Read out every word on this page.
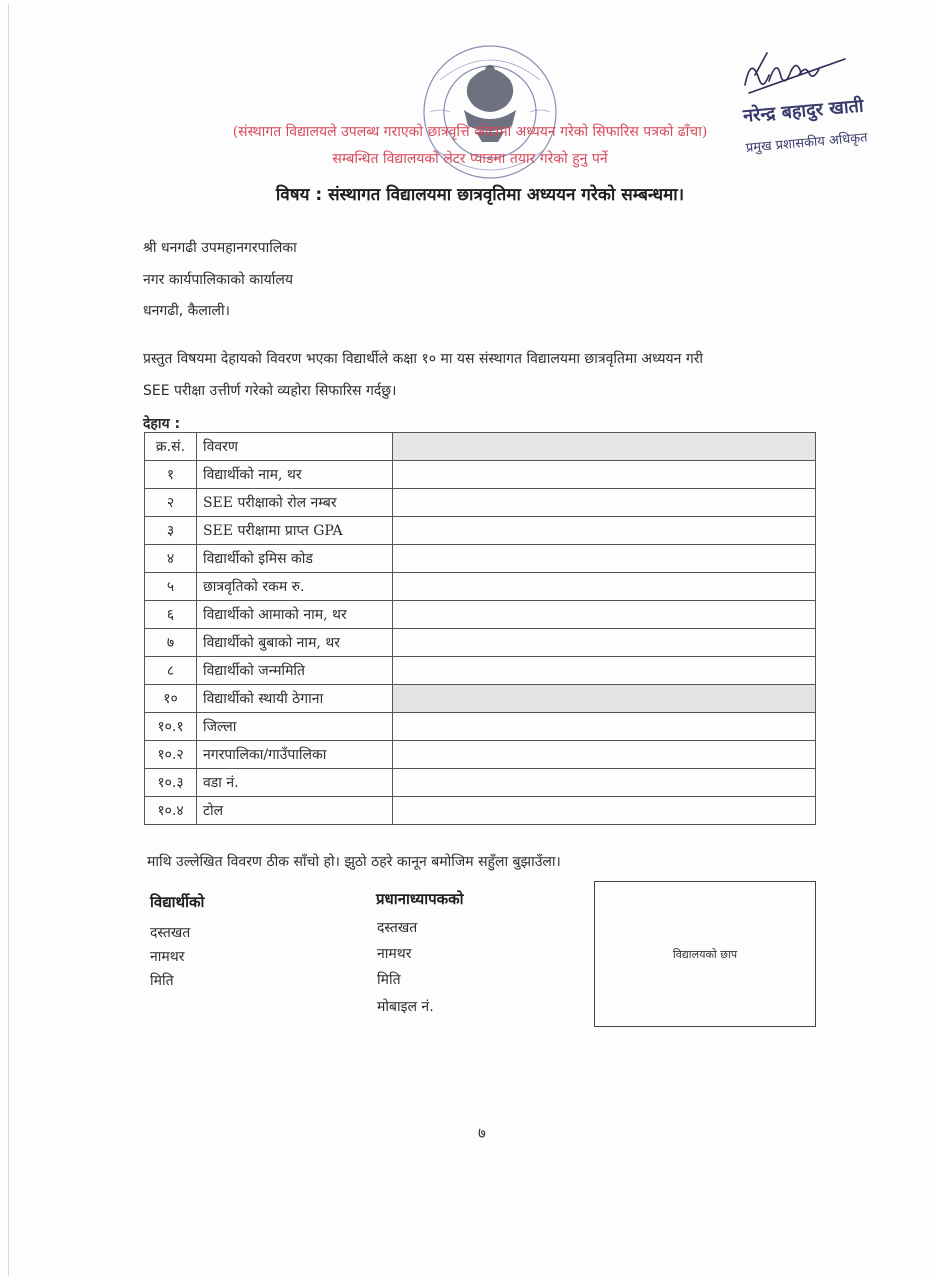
(संस्थागत विद्यालयले उपलब्ध गराएको छात्रवृत्ति कोटामा अध्ययन गरेको सिफारिस पत्रको ढाँचा)
सम्बन्धित विद्यालयको लेटर प्याडमा तयार गरेको हुनु पर्ने
नरेन्द्र बहादुर खाती
प्रमुख प्रशासकीय अधिकृत
विषय : संस्थागत विद्यालयमा छात्रवृतिमा अध्ययन गरेको सम्बन्धमा।
श्री धनगढी उपमहानगरपालिका
नगर कार्यपालिकाको कार्यालय
धनगढी, कैलाली।
प्रस्तुत विषयमा देहायको विवरण भएका विद्यार्थीले कक्षा १० मा यस संस्थागत विद्यालयमा छात्रवृतिमा अध्ययन गरी
SEE परीक्षा उत्तीर्ण गरेको व्यहोरा सिफारिस गर्दछु।
देहाय :
क्र.सं.	विवरण	
१	विद्यार्थीको नाम, थर	
२	SEE परीक्षाको रोल नम्बर	
३	SEE परीक्षामा प्राप्त GPA	
४	विद्यार्थीको इमिस कोड	
५	छात्रवृतिको रकम रु.	
६	विद्यार्थीको आमाको नाम, थर	
७	विद्यार्थीको बुबाको नाम, थर	
८	विद्यार्थीको जन्ममिति	
१०	विद्यार्थीको स्थायी ठेगाना	
१०.१	जिल्ला	
१०.२	नगरपालिका/गाउँपालिका	
१०.३	वडा नं.	
१०.४	टोल	
माथि उल्लेखित विवरण ठीक साँचो हो। झुठो ठहरे कानून बमोजिम सहुँला बुझाउँला।
विद्यार्थीको
दस्तखत
नामथर
मिति
प्रधानाध्यापकको
दस्तखत
नामथर
मिति
मोबाइल नं.
विद्यालयको छाप
७
